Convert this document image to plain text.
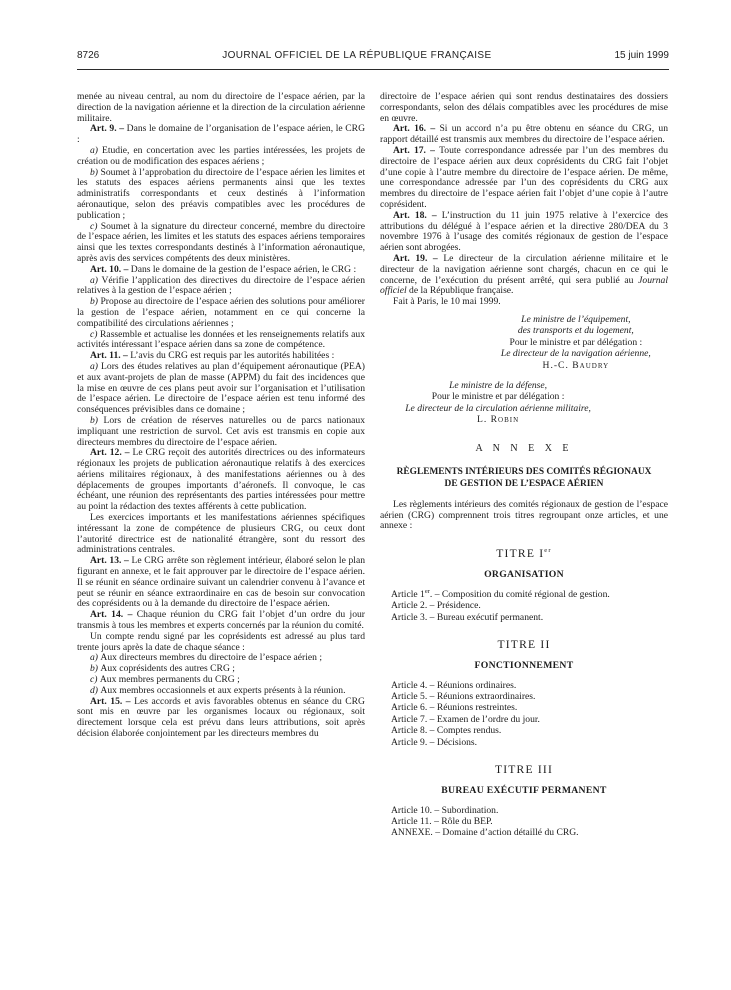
8726	JOURNAL OFFICIEL DE LA RÉPUBLIQUE FRANÇAISE	15 juin 1999

menée au niveau central, au nom du directoire de l’espace aérien, par la direction de la navigation aérienne et la direction de la circulation aérienne militaire.

Art. 9. – Dans le domaine de l’organisation de l’espace aérien, le CRG :

a) Etudie, en concertation avec les parties intéressées, les projets de création ou de modification des espaces aériens ;

b) Soumet à l’approbation du directoire de l’espace aérien les limites et les statuts des espaces aériens permanents ainsi que les textes administratifs correspondants et ceux destinés à l’information aéronautique, selon des préavis compatibles avec les procédures de publication ;

c) Soumet à la signature du directeur concerné, membre du directoire de l’espace aérien, les limites et les statuts des espaces aériens temporaires ainsi que les textes correspondants destinés à l’information aéronautique, après avis des services compétents des deux ministères.

Art. 10. – Dans le domaine de la gestion de l’espace aérien, le CRG :

a) Vérifie l’application des directives du directoire de l’espace aérien relatives à la gestion de l’espace aérien ;

b) Propose au directoire de l’espace aérien des solutions pour améliorer la gestion de l’espace aérien, notamment en ce qui concerne la compatibilité des circulations aériennes ;

c) Rassemble et actualise les données et les renseignements relatifs aux activités intéressant l’espace aérien dans sa zone de compétence.

Art. 11. – L’avis du CRG est requis par les autorités habilitées :

a) Lors des études relatives au plan d’équipement aéronautique (PEA) et aux avant-projets de plan de masse (APPM) du fait des incidences que la mise en œuvre de ces plans peut avoir sur l’organisation et l’utilisation de l’espace aérien. Le directoire de l’espace aérien est tenu informé des conséquences prévisibles dans ce domaine ;

b) Lors de création de réserves naturelles ou de parcs nationaux impliquant une restriction de survol. Cet avis est transmis en copie aux directeurs membres du directoire de l’espace aérien.

Art. 12. – Le CRG reçoit des autorités directrices ou des informateurs régionaux les projets de publication aéronautique relatifs à des exercices aériens militaires régionaux, à des manifestations aériennes ou à des déplacements de groupes importants d’aéronefs. Il convoque, le cas échéant, une réunion des représentants des parties intéressées pour mettre au point la rédaction des textes afférents à cette publication.

Les exercices importants et les manifestations aériennes spécifiques intéressant la zone de compétence de plusieurs CRG, ou ceux dont l’autorité directrice est de nationalité étrangère, sont du ressort des administrations centrales.

Art. 13. – Le CRG arrête son règlement intérieur, élaboré selon le plan figurant en annexe, et le fait approuver par le directoire de l’espace aérien. Il se réunit en séance ordinaire suivant un calendrier convenu à l’avance et peut se réunir en séance extraordinaire en cas de besoin sur convocation des coprésidents ou à la demande du directoire de l’espace aérien.

Art. 14. – Chaque réunion du CRG fait l’objet d’un ordre du jour transmis à tous les membres et experts concernés par la réunion du comité.

Un compte rendu signé par les coprésidents est adressé au plus tard trente jours après la date de chaque séance :

a) Aux directeurs membres du directoire de l’espace aérien ;

b) Aux coprésidents des autres CRG ;

c) Aux membres permanents du CRG ;

d) Aux membres occasionnels et aux experts présents à la réunion.

Art. 15. – Les accords et avis favorables obtenus en séance du CRG sont mis en œuvre par les organismes locaux ou régionaux, soit directement lorsque cela est prévu dans leurs attributions, soit après décision élaborée conjointement par les directeurs membres du

directoire de l’espace aérien qui sont rendus destinataires des dossiers correspondants, selon des délais compatibles avec les procédures de mise en œuvre.

Art. 16. – Si un accord n’a pu être obtenu en séance du CRG, un rapport détaillé est transmis aux membres du directoire de l’espace aérien.

Art. 17. – Toute correspondance adressée par l’un des membres du directoire de l’espace aérien aux deux coprésidents du CRG fait l’objet d’une copie à l’autre membre du directoire de l’espace aérien. De même, une correspondance adressée par l’un des coprésidents du CRG aux membres du directoire de l’espace aérien fait l’objet d’une copie à l’autre coprésident.

Art. 18. – L’instruction du 11 juin 1975 relative à l’exercice des attributions du délégué à l’espace aérien et la directive 280/DEA du 3 novembre 1976 à l’usage des comités régionaux de gestion de l’espace aérien sont abrogées.

Art. 19. – Le directeur de la circulation aérienne militaire et le directeur de la navigation aérienne sont chargés, chacun en ce qui le concerne, de l’exécution du présent arrêté, qui sera publié au Journal officiel de la République française.

Fait à Paris, le 10 mai 1999.

Le ministre de l’équipement,
des transports et du logement,
Pour le ministre et par délégation :
Le directeur de la navigation aérienne,
H.-C. Baudry
Le ministre de la défense,
Pour le ministre et par délégation :
Le directeur de la circulation aérienne militaire,
L. Robin
A N N E X E
RÈGLEMENTS INTÉRIEURS DES COMITÉS RÉGIONAUX
DE GESTION DE L’ESPACE AÉRIEN

Les règlements intérieurs des comités régionaux de gestion de l’espace aérien (CRG) comprennent trois titres regroupant onze articles, et une annexe :

TITRE Ier
ORGANISATION

Article 1er. – Composition du comité régional de gestion.

Article 2. – Présidence.

Article 3. – Bureau exécutif permanent.

TITRE II
FONCTIONNEMENT

Article 4. – Réunions ordinaires.

Article 5. – Réunions extraordinaires.

Article 6. – Réunions restreintes.

Article 7. – Examen de l’ordre du jour.

Article 8. – Comptes rendus.

Article 9. – Décisions.

TITRE III
BUREAU EXÉCUTIF PERMANENT

Article 10. – Subordination.

Article 11. – Rôle du BEP.

ANNEXE. – Domaine d’action détaillé du CRG.
